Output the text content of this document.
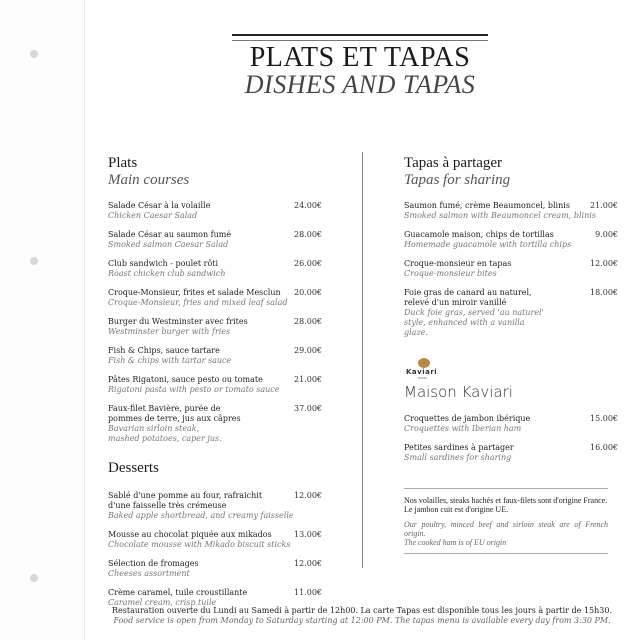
PLATS ET TAPAS
DISHES AND TAPAS
Plats
Main courses
Salade César à la volaille
Chicken Caesar Salad
24.00€
Salade César au saumon fumé
Smoked salmon Caesar Salad
28.00€
Club sandwich - poulet rôti
Roast chicken club sandwich
26.00€
Croque-Monsieur, frites et salade Mesclun
Croque-Monsieur, fries and mixed leaf salad
20.00€
Burger du Westminster avec frites
Westminster burger with fries
28.00€
Fish & Chips, sauce tartare
Fish & chips with tartar sauce
29.00€
Pâtes Rigatoni, sauce pesto ou tomate
Rigatoni pasta with pesto or tomato sauce
21.00€
Faux-filet Bavière, purée de pommes de terre, jus aux câpres
Bavarian sirloin steak, mashed potatoes, caper jus.
37.00€
Desserts
Sablé d'une pomme au four, rafraichit d'une faisselle très crémeuse
Baked apple shortbread, and creamy faisselle
12.00€
Mousse au chocolat piquée aux mikados
Chocolate mousse with Mikado biscuit sticks
13.00€
Sélection de fromages
Cheeses assortment
12.00€
Crème caramel, tuile croustillante
Caramel cream, crisp tuile
11.00€
Tapas à partager
Tapas for sharing
Saumon fumé, crème Beaumoncel, blinis
Smoked salmon with Beaumoncel cream, blinis
21.00€
Guacamole maison, chips de tortillas
Homemade guacamole with tortilla chips
9.00€
Croque-monsieur en tapas
Croque-monsieur bites
12.00€
Foie gras de canard au naturel, relevé d'un miroir vanillé
Duck foie gras, served 'au naturel' style, enhanced with a vanilla glaze.
18.00€
Kaviari
PARIS
Maison Kaviari
Croquettes de jambon ibérique
Croquettes with Iberian ham
15.00€
Petites sardines à partager
Small sardines for sharing
16.00€
Nos volailles, steaks hachés et faux-filets sont d'origine France.
Le jambon cuit est d'origine UE.
Our poultry, minced beef and sirloin steak are of French origin.
The cooked ham is of EU origin
Restauration ouverte du Lundi au Samedi à partir de 12h00. La carte Tapas est disponible tous les jours à partir de 15h30.
Food service is open from Monday to Saturday starting at 12:00 PM. The tapas menu is available every day from 3:30 PM.
